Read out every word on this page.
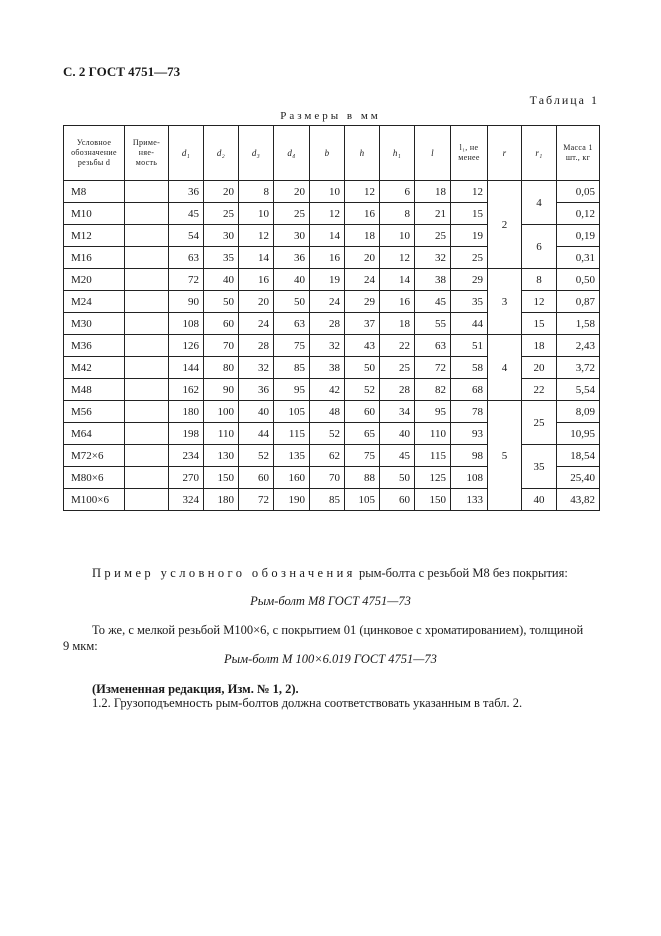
С. 2 ГОСТ 4751—73
Таблица 1
Размеры в мм
Условное обозначение резьбы d	Приме-няе-мость	d₁	d₂	d₃	d₄	b	h	h₁	l	l₁, не менее	r	r₁	Масса 1 шт., кг
M8		36	20	8	20	10	12	6	18	12	2	4	0,05
M10		45	25	10	25	12	16	8	21	15			0,12
M12		54	30	12	30	14	18	10	25	19		6	0,19
M16		63	35	14	36	16	20	12	32	25			0,31
M20		72	40	16	40	19	24	14	38	29	3	8	0,50
M24		90	50	20	50	24	29	16	45	35		12	0,87
M30		108	60	24	63	28	37	18	55	44		15	1,58
M36		126	70	28	75	32	43	22	63	51	4	18	2,43
M42		144	80	32	85	38	50	25	72	58		20	3,72
M48		162	90	36	95	42	52	28	82	68		22	5,54
M56		180	100	40	105	48	60	34	95	78	5	25	8,09
M64		198	110	44	115	52	65	40	110	93			10,95
M72×6		234	130	52	135	62	75	45	115	98		35	18,54
M80×6		270	150	60	160	70	88	50	125	108			25,40
M100×6		324	180	72	190	85	105	60	150	133		40	43,82
Пример условного обозначения рым-болта с резьбой М8 без покрытия:
Рым-болт М8 ГОСТ 4751—73
То же, с мелкой резьбой М100×6, с покрытием 01 (цинковое с хроматированием), толщиной
9 мкм:
Рым-болт М 100×6.019 ГОСТ 4751—73
(Измененная редакция, Изм. № 1, 2).
1.2. Грузоподъемность рым-болтов должна соответствовать указанным в табл. 2.
